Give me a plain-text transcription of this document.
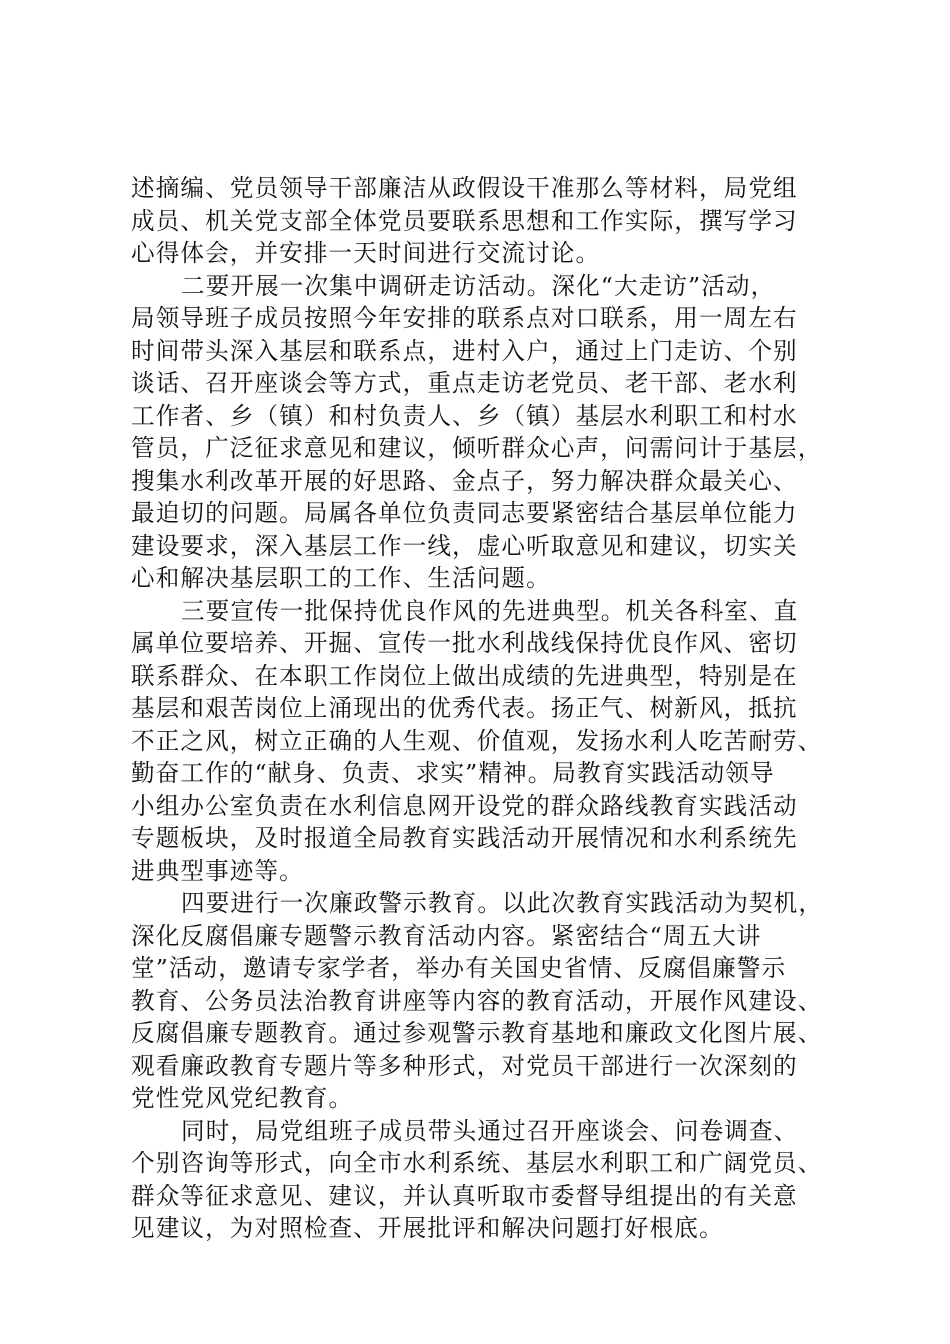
述摘编、党员领导干部廉洁从政假设干准那么等材料，局党组
成员、机关党支部全体党员要联系思想和工作实际，撰写学习
心得体会，并安排一天时间进行交流讨论。
二要开展一次集中调研走访活动。深化“大走访”活动，
局领导班子成员按照今年安排的联系点对口联系，用一周左右
时间带头深入基层和联系点，进村入户，通过上门走访、个别
谈话、召开座谈会等方式，重点走访老党员、老干部、老水利
工作者、乡（镇）和村负责人、乡（镇）基层水利职工和村水
管员，广泛征求意见和建议，倾听群众心声，问需问计于基层，
搜集水利改革开展的好思路、金点子，努力解决群众最关心、
最迫切的问题。局属各单位负责同志要紧密结合基层单位能力
建设要求，深入基层工作一线，虚心听取意见和建议，切实关
心和解决基层职工的工作、生活问题。
三要宣传一批保持优良作风的先进典型。机关各科室、直
属单位要培养、开掘、宣传一批水利战线保持优良作风、密切
联系群众、在本职工作岗位上做出成绩的先进典型，特别是在
基层和艰苦岗位上涌现出的优秀代表。扬正气、树新风，抵抗
不正之风，树立正确的人生观、价值观，发扬水利人吃苦耐劳、
勤奋工作的“献身、负责、求实”精神。局教育实践活动领导
小组办公室负责在水利信息网开设党的群众路线教育实践活动
专题板块，及时报道全局教育实践活动开展情况和水利系统先
进典型事迹等。
四要进行一次廉政警示教育。以此次教育实践活动为契机，
深化反腐倡廉专题警示教育活动内容。紧密结合“周五大讲
堂”活动，邀请专家学者，举办有关国史省情、反腐倡廉警示
教育、公务员法治教育讲座等内容的教育活动，开展作风建设、
反腐倡廉专题教育。通过参观警示教育基地和廉政文化图片展、
观看廉政教育专题片等多种形式，对党员干部进行一次深刻的
党性党风党纪教育。
同时，局党组班子成员带头通过召开座谈会、问卷调查、
个别咨询等形式，向全市水利系统、基层水利职工和广阔党员、
群众等征求意见、建议，并认真听取市委督导组提出的有关意
见建议，为对照检查、开展批评和解决问题打好根底。
